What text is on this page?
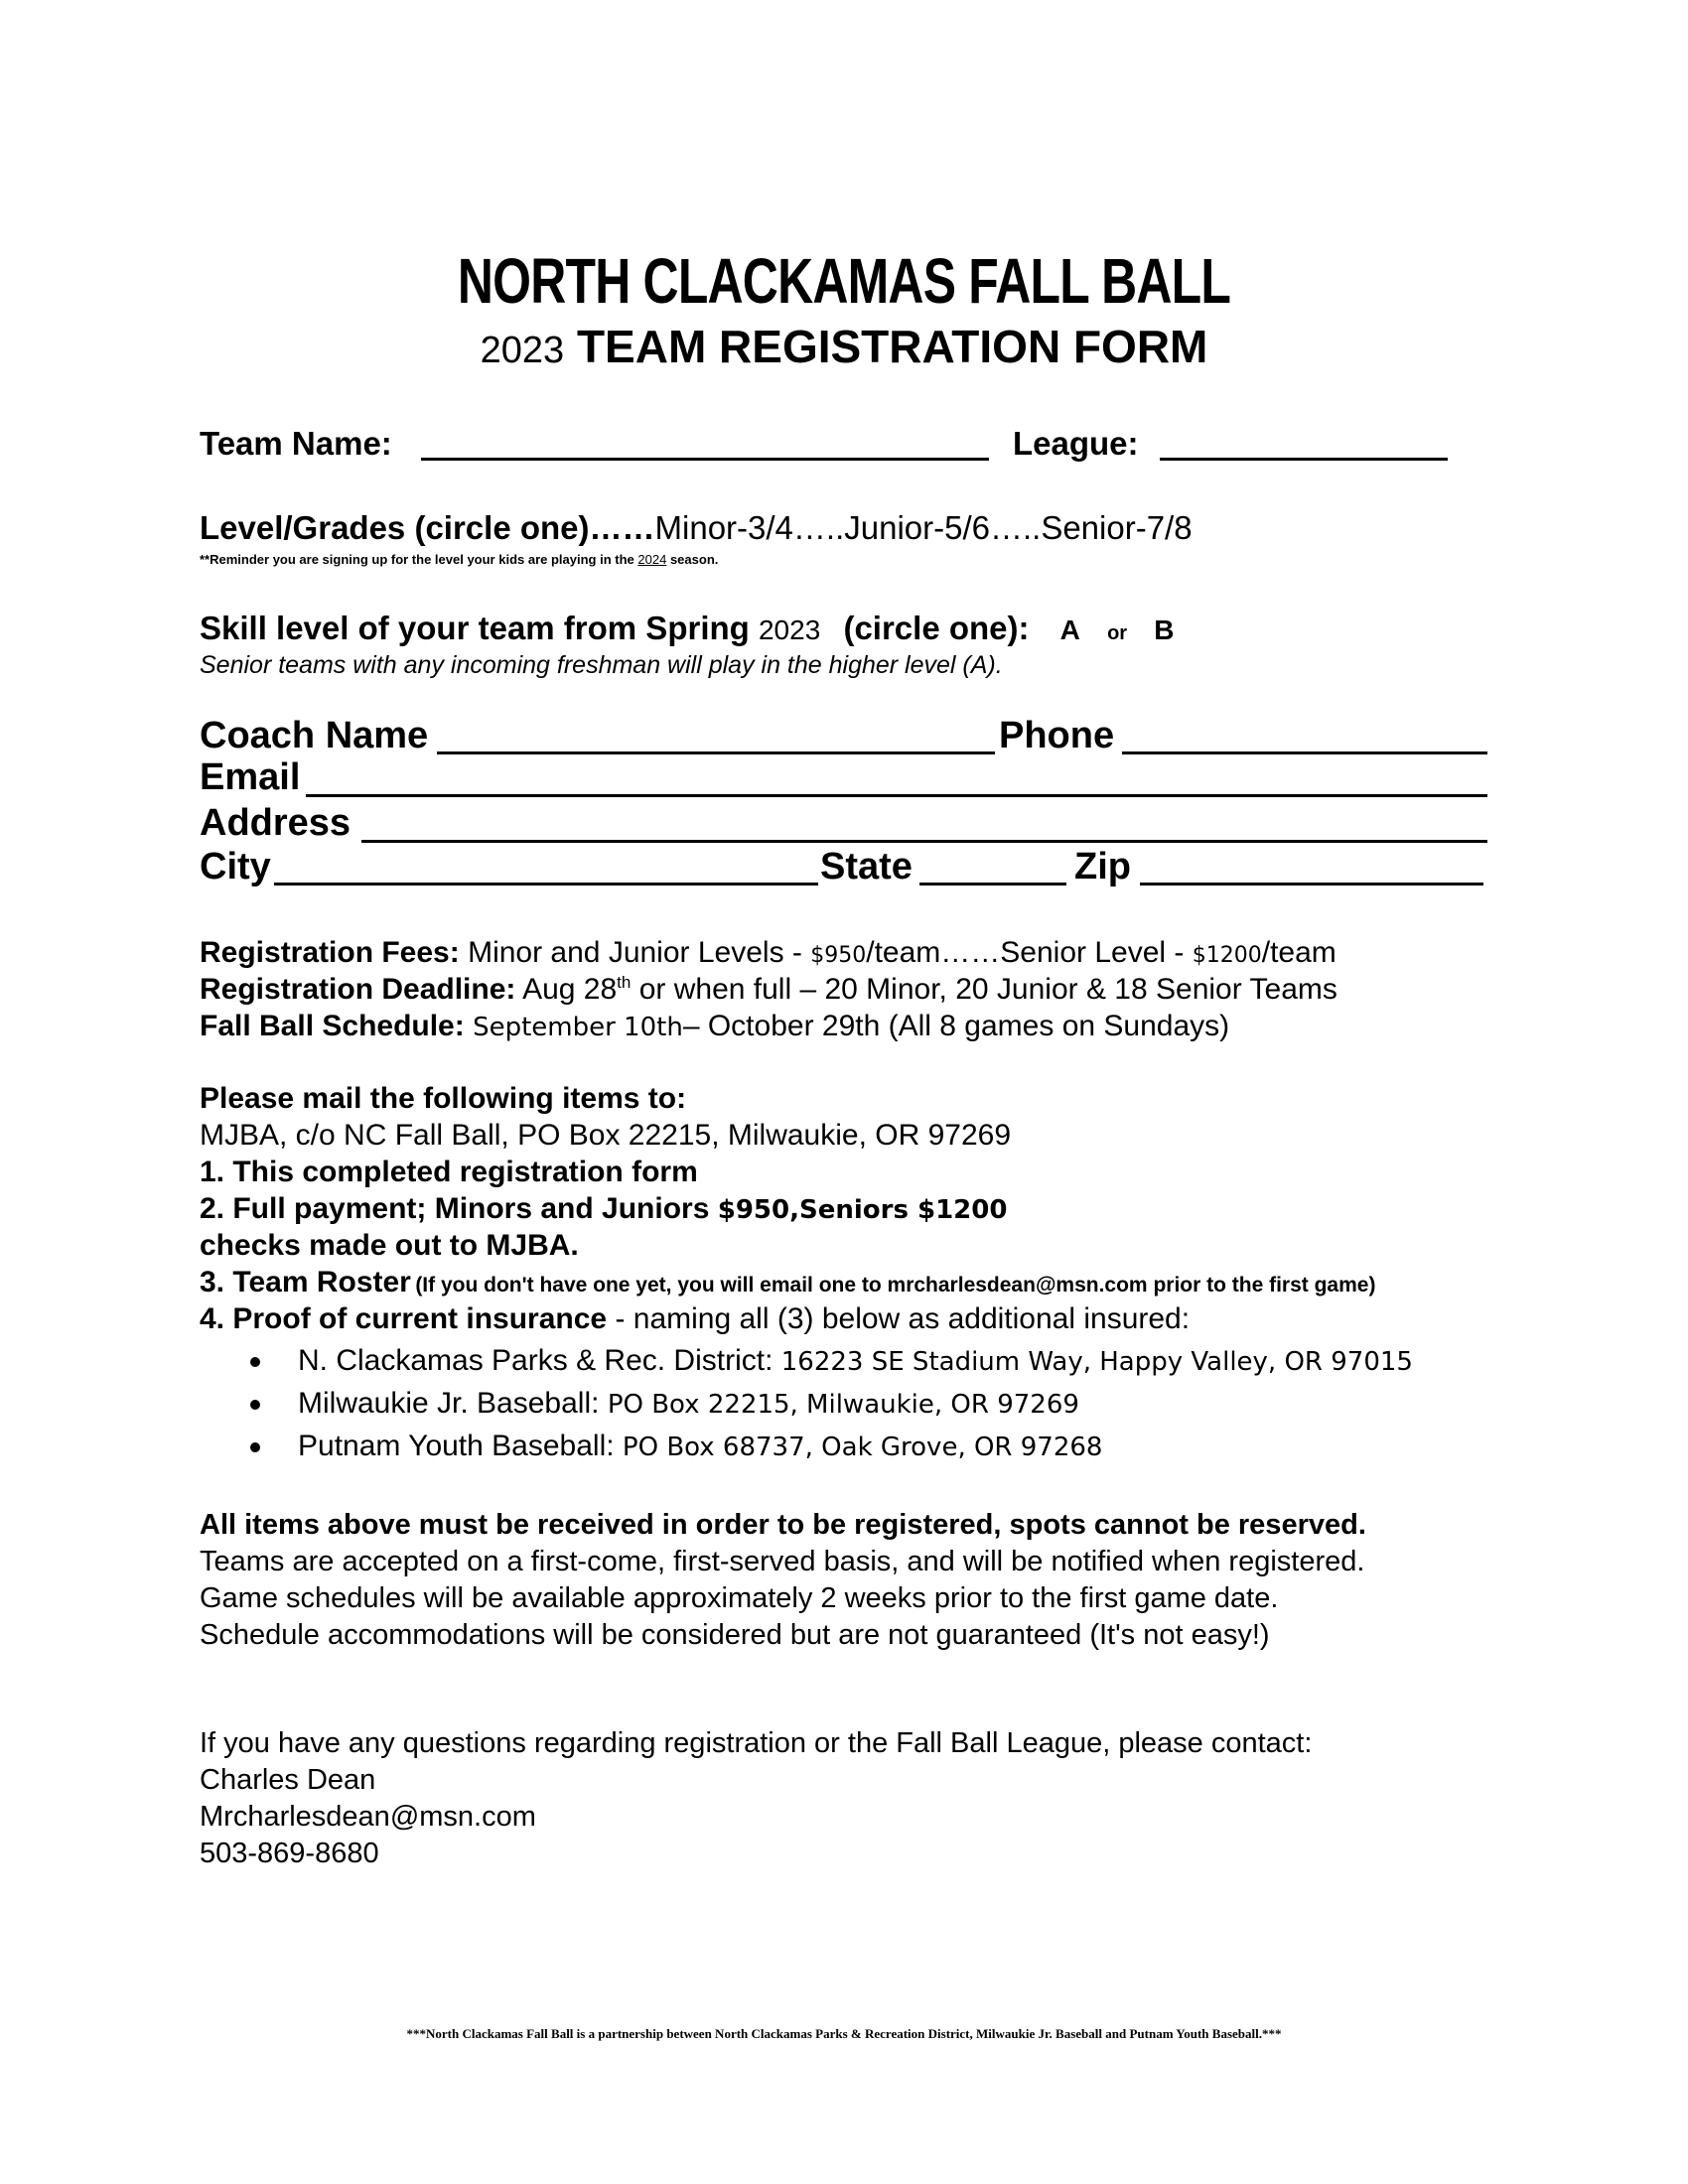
NORTH CLACKAMAS FALL BALL
2023 TEAM REGISTRATION FORM
Team Name:	League:
Level/Grades (circle one)……Minor-3/4…..Junior-5/6…..Senior-7/8
**Reminder you are signing up for the level your kids are playing in the 2024 season.
Skill level of your team from Spring 2023 (circle one): A or B
Senior teams with any incoming freshman will play in the higher level (A).
Coach Name	Phone
Email
Address
City	State	Zip
Registration Fees: Minor and Junior Levels - $950/team……Senior Level - $1200/team
Registration Deadline: Aug 28th or when full – 20 Minor, 20 Junior & 18 Senior Teams
Fall Ball Schedule: September 10th– October 29th (All 8 games on Sundays)
Please mail the following items to:
MJBA, c/o NC Fall Ball, PO Box 22215, Milwaukie, OR 97269
1. This completed registration form
2. Full payment; Minors and Juniors $950,Seniors $1200
checks made out to MJBA.
3. Team Roster (If you don't have one yet, you will email one to mrcharlesdean@msn.com prior to the first game)
4. Proof of current insurance - naming all (3) below as additional insured:
N. Clackamas Parks & Rec. District: 16223 SE Stadium Way, Happy Valley, OR 97015
Milwaukie Jr. Baseball: PO Box 22215, Milwaukie, OR 97269
Putnam Youth Baseball: PO Box 68737, Oak Grove, OR 97268
All items above must be received in order to be registered, spots cannot be reserved.
Teams are accepted on a first-come, first-served basis, and will be notified when registered.
Game schedules will be available approximately 2 weeks prior to the first game date.
Schedule accommodations will be considered but are not guaranteed (It's not easy!)
If you have any questions regarding registration or the Fall Ball League, please contact:
Charles Dean
Mrcharlesdean@msn.com
503-869-8680
***North Clackamas Fall Ball is a partnership between North Clackamas Parks & Recreation District, Milwaukie Jr. Baseball and Putnam Youth Baseball.***
